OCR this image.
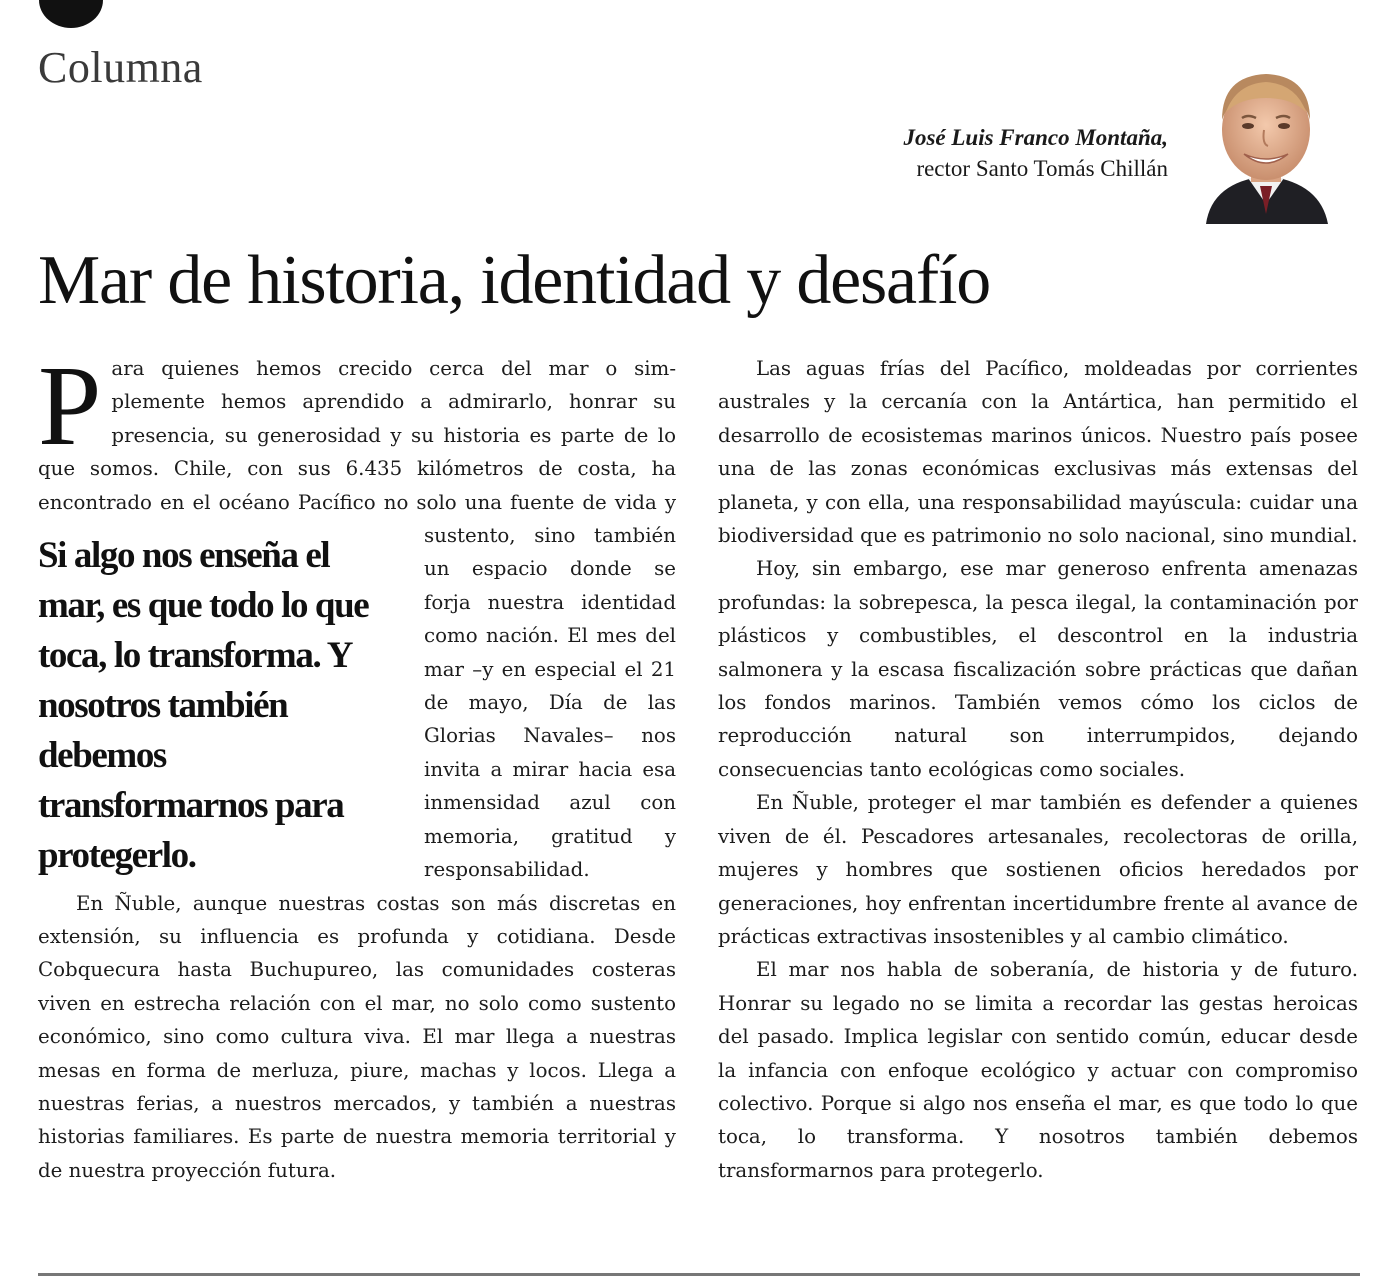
Columna
José Luis Franco Montaña,
rector Santo Tomás Chillán
Mar de historia, identidad y desafío
P ara quienes hemos crecido cerca del mar o simplemente hemos aprendido a admirarlo, honrar su presencia, su generosidad y su historia es parte de lo que somos. Chile, con sus 6.435 kilómetros de costa, ha encontrado en el océano Pacífico no solo una
Si algo nos enseña el mar, es que todo lo que toca, lo transforma. Y nosotros también debemos transformarnos para protegerlo.
fuente de vida y sustento, sino también un espacio donde se forja nuestra identidad como nación. El mes del mar –y en especial el 21 de mayo, Día de las Glorias Navales– nos invita a mirar hacia esa inmensidad azul con memoria, gratitud y responsabilidad.

En Ñuble, aunque nuestras costas son más discretas en extensión, su influencia es profunda y cotidiana. Desde Cobquecura hasta Buchupureo, las comunidades costeras viven en estrecha relación con el mar, no solo como sustento económico, sino como cultura viva. El mar llega a nuestras mesas en forma de merluza, piure, machas y locos. Llega a nuestras ferias, a nuestros mercados, y también a nuestras historias familiares. Es parte de nuestra memoria territorial y de nuestra proyección futura.

Las aguas frías del Pacífico, moldeadas por corrientes australes y la cercanía con la Antártica, han permitido el desarrollo de ecosistemas marinos únicos. Nuestro país posee una de las zonas económicas exclusivas más extensas del planeta, y con ella, una responsabilidad mayúscula: cuidar una biodiversidad que es patrimonio no solo nacional, sino mundial.

Hoy, sin embargo, ese mar generoso enfrenta amenazas profundas: la sobrepesca, la pesca ilegal, la contaminación por plásticos y combustibles, el descontrol en la industria salmonera y la escasa fiscalización sobre prácticas que dañan los fondos marinos. También vemos cómo los ciclos de reproducción natural son interrumpidos, dejando consecuencias tanto ecológicas como sociales.

En Ñuble, proteger el mar también es defender a quienes viven de él. Pescadores artesanales, recolectoras de orilla, mujeres y hombres que sostienen oficios heredados por generaciones, hoy enfrentan incertidumbre frente al avance de prácticas extractivas insostenibles y al cambio climático.

El mar nos habla de soberanía, de historia y de futuro. Honrar su legado no se limita a recordar las gestas heroicas del pasado. Implica legislar con sentido común, educar desde la infancia con enfoque ecológico y actuar con compromiso colectivo. Porque si algo nos enseña el mar, es que todo lo que toca, lo transforma. Y nosotros también debemos transformarnos para protegerlo.
